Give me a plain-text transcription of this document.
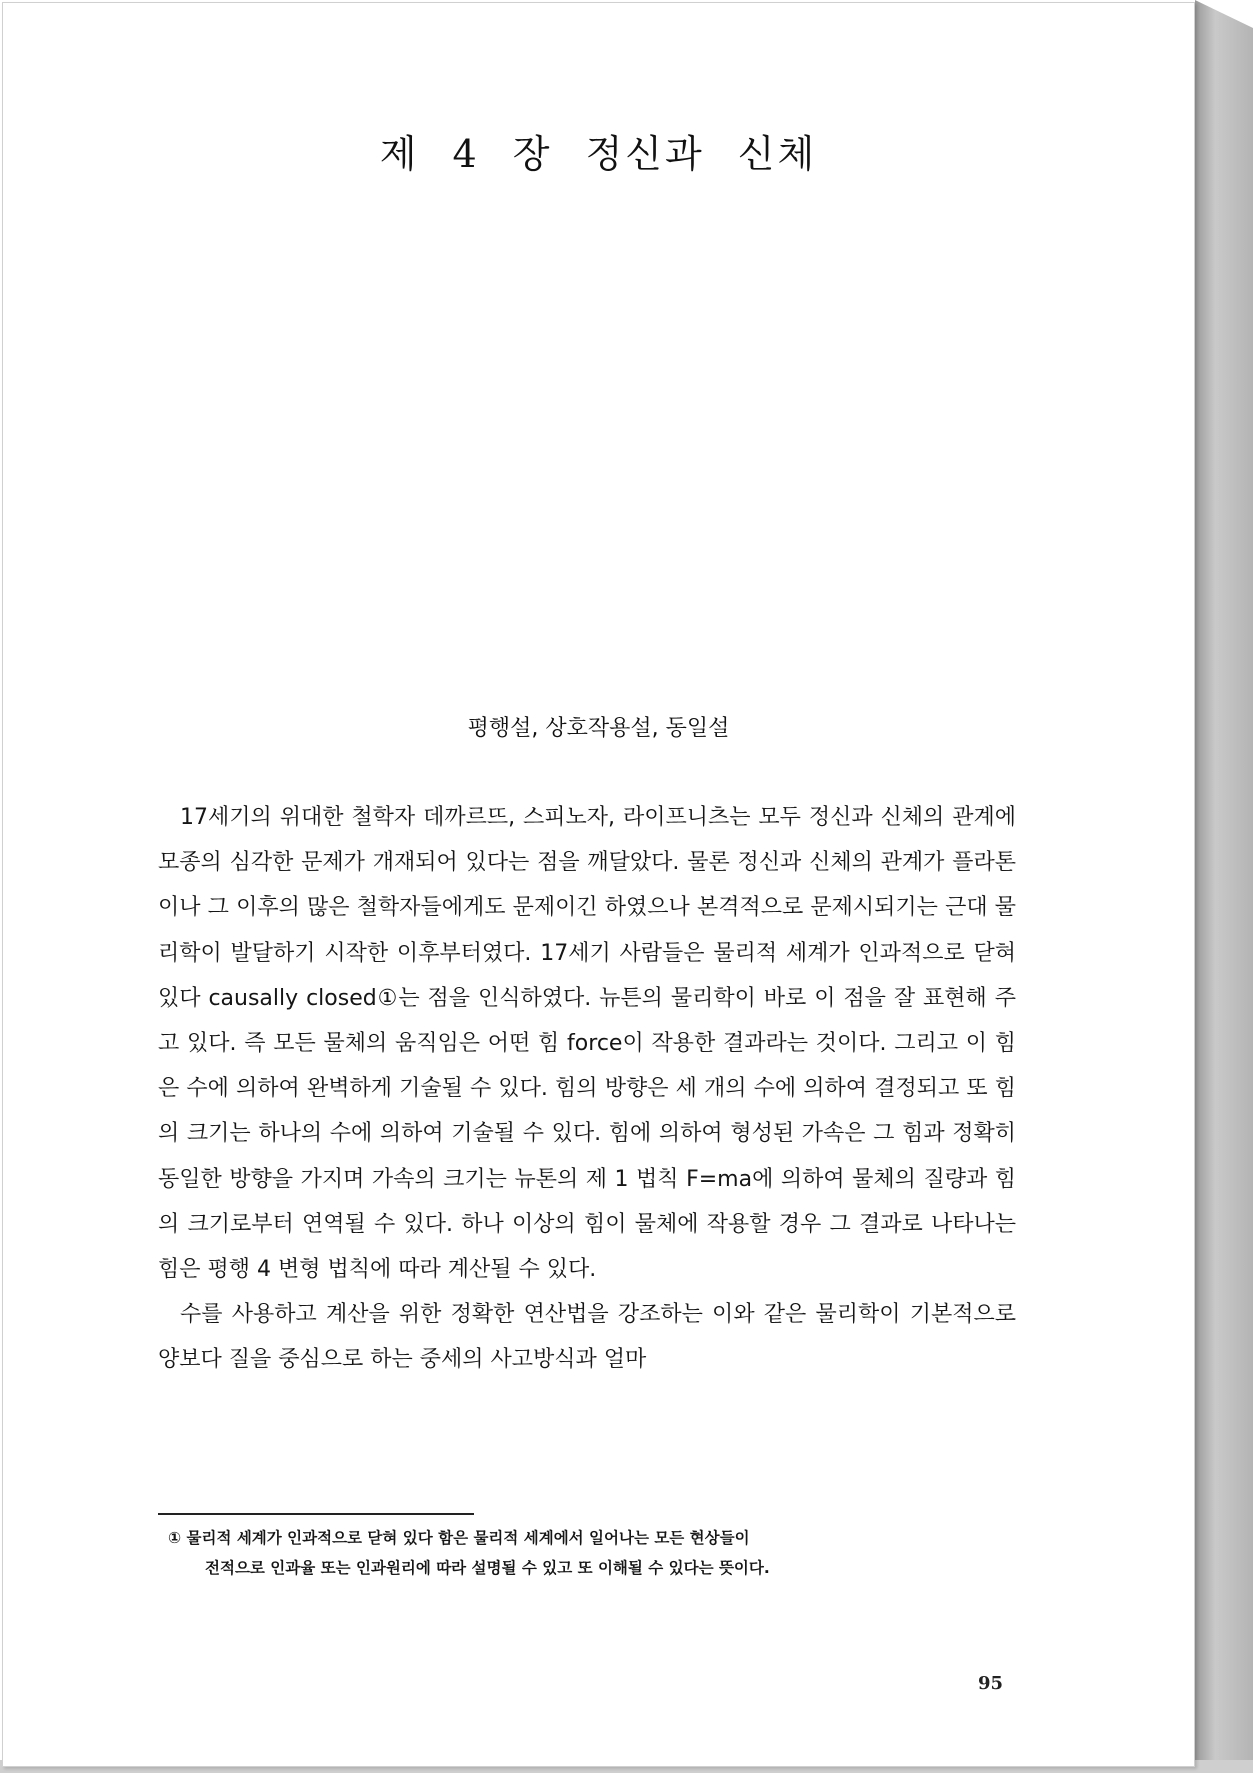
제 4 장 정신과 신체
평행설, 상호작용설, 동일설

17세기의 위대한 철학자 데까르뜨, 스피노자, 라이프니츠는 모두 정신과 신체의 관계에 모종의 심각한 문제가 개재되어 있다는 점을 깨달았다. 물론 정신과 신체의 관계가 플라톤이나 그 이후의 많은 철학자들에게도 문제이긴 하였으나 본격적으로 문제시되기는 근대 물리학이 발달하기 시작한 이후부터였다. 17세기 사람들은 물리적 세계가 인과적으로 닫혀 있다 causally closed①는 점을 인식하였다. 뉴튼의 물리학이 바로 이 점을 잘 표현해 주고 있다. 즉 모든 물체의 움직임은 어떤 힘 force이 작용한 결과라는 것이다. 그리고 이 힘은 수에 의하여 완벽하게 기술될 수 있다. 힘의 방향은 세 개의 수에 의하여 결정되고 또 힘의 크기는 하나의 수에 의하여 기술될 수 있다. 힘에 의하여 형성된 가속은 그 힘과 정확히 동일한 방향을 가지며 가속의 크기는 뉴톤의 제 1 법칙 F=ma에 의하여 물체의 질량과 힘의 크기로부터 연역될 수 있다. 하나 이상의 힘이 물체에 작용할 경우 그 결과로 나타나는 힘은 평행 4 변형 법칙에 따라 계산될 수 있다.

수를 사용하고 계산을 위한 정확한 연산법을 강조하는 이와 같은 물리학이 기본적으로 양보다 질을 중심으로 하는 중세의 사고방식과 얼마

① 물리적 세계가 인과적으로 닫혀 있다 함은 물리적 세계에서 일어나는 모든 현상들이
전적으로 인과율 또는 인과원리에 따라 설명될 수 있고 또 이해될 수 있다는 뜻이다.
95
